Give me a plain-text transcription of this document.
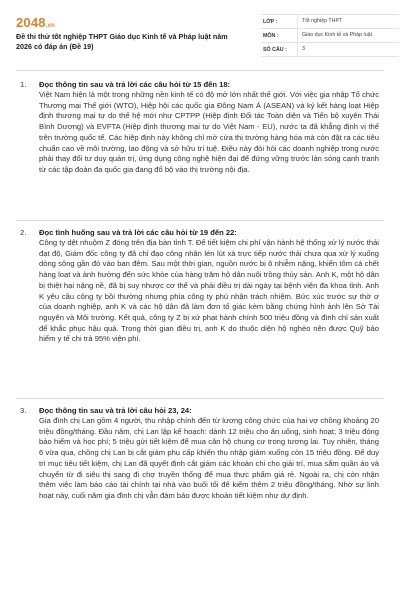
2048.vn
Đề thi thử tốt nghiệp THPT Giáo dục Kinh tế và Pháp luật năm 2026 có đáp án (Đề 19)
LỚP :	Tốt nghiệp THPT
MÔN :	Giáo dục Kinh tế và Pháp luật
SỐ CÂU :	3
1. Đọc thông tin sau và trả lời các câu hỏi từ 15 đến 18:

Việt Nam hiện là một trong những nền kinh tế có độ mở lớn nhất thế giới. Với việc gia nhập Tổ chức Thương mại Thế giới (WTO), Hiệp hội các quốc gia Đông Nam Á (ASEAN) và ký kết hàng loạt Hiệp định thương mại tự do thế hệ mới như CPTPP (Hiệp định Đối tác Toàn diện và Tiến bộ xuyên Thái Bình Dương) và EVFTA (Hiệp định thương mại tự do Việt Nam - EU), nước ta đã khẳng định vị thế trên trường quốc tế. Các hiệp định này không chỉ mở cửa thị trường hàng hóa mà còn đặt ra các tiêu chuẩn cao về môi trường, lao động và sở hữu trí tuệ. Điều này đòi hỏi các doanh nghiệp trong nước phải thay đổi tư duy quản trị, ứng dụng công nghệ hiện đại để đứng vững trước làn sóng cạnh tranh từ các tập đoàn đa quốc gia đang đổ bộ vào thị trường nội địa.

2. Đọc tình huống sau và trả lời các câu hỏi từ 19 đến 22:

Công ty dệt nhuộm Z đóng trên địa bàn tỉnh T. Để tiết kiệm chi phí vận hành hệ thống xử lý nước thải đạt độ, Giám đốc công ty đã chỉ đạo công nhân lén lút xả trực tiếp nước thải chưa qua xử lý xuống dòng sông gần đó vào ban đêm. Sau một thời gian, nguồn nước bị ô nhiễm nặng, khiến tôm cá chết hàng loạt và ảnh hưởng đến sức khỏe của hàng trăm hộ dân nuôi trồng thủy sản. Anh K, một hộ dân bị thiệt hại nặng nề, đã bị suy nhược cơ thể và phải điều trị dài ngày tại bệnh viện đa khoa tỉnh. Anh K yêu cầu công ty bồi thường nhưng phía công ty phủ nhận trách nhiệm. Bức xúc trước sự thờ ơ của doanh nghiệp, anh K và các hộ dân đã làm đơn tố giác kèm bằng chứng hình ảnh lên Sở Tài nguyên và Môi trường. Kết quả, công ty Z bị xử phạt hành chính 500 triệu đồng và đình chỉ sản xuất để khắc phục hậu quả. Trong thời gian điều trị, anh K do thuộc diện hộ nghèo nên được Quỹ bảo hiểm y tế chi trả 95% viện phí.

3. Đọc thông tin sau và trả lời câu hỏi 23, 24:

Gia đình chị Lan gồm 4 người, thu nhập chính đến từ lương công chức của hai vợ chồng khoảng 20 triệu đồng/tháng. Đầu năm, chị Lan lập kế hoạch: dành 12 triệu cho ăn uống, sinh hoạt; 3 triệu đóng bảo hiểm và học phí; 5 triệu gửi tiết kiệm để mua căn hộ chung cư trong tương lai. Tuy nhiên, tháng 6 vừa qua, chồng chị Lan bị cắt giảm phụ cấp khiến thu nhập giảm xuống còn 15 triệu đồng. Để duy trì mục tiêu tiết kiệm, chị Lan đã quyết định cắt giảm các khoản chi cho giải trí, mua sắm quần áo và chuyển từ đi siêu thị sang đi chợ truyền thống để mua thực phẩm giá rẻ. Ngoài ra, chị còn nhận thêm việc làm báo cáo tài chính tại nhà vào buổi tối để kiếm thêm 2 triệu đồng/tháng. Nhờ sự linh hoạt này, cuối năm gia đình chị vẫn đảm bảo được khoản tiết kiệm như dự định.
